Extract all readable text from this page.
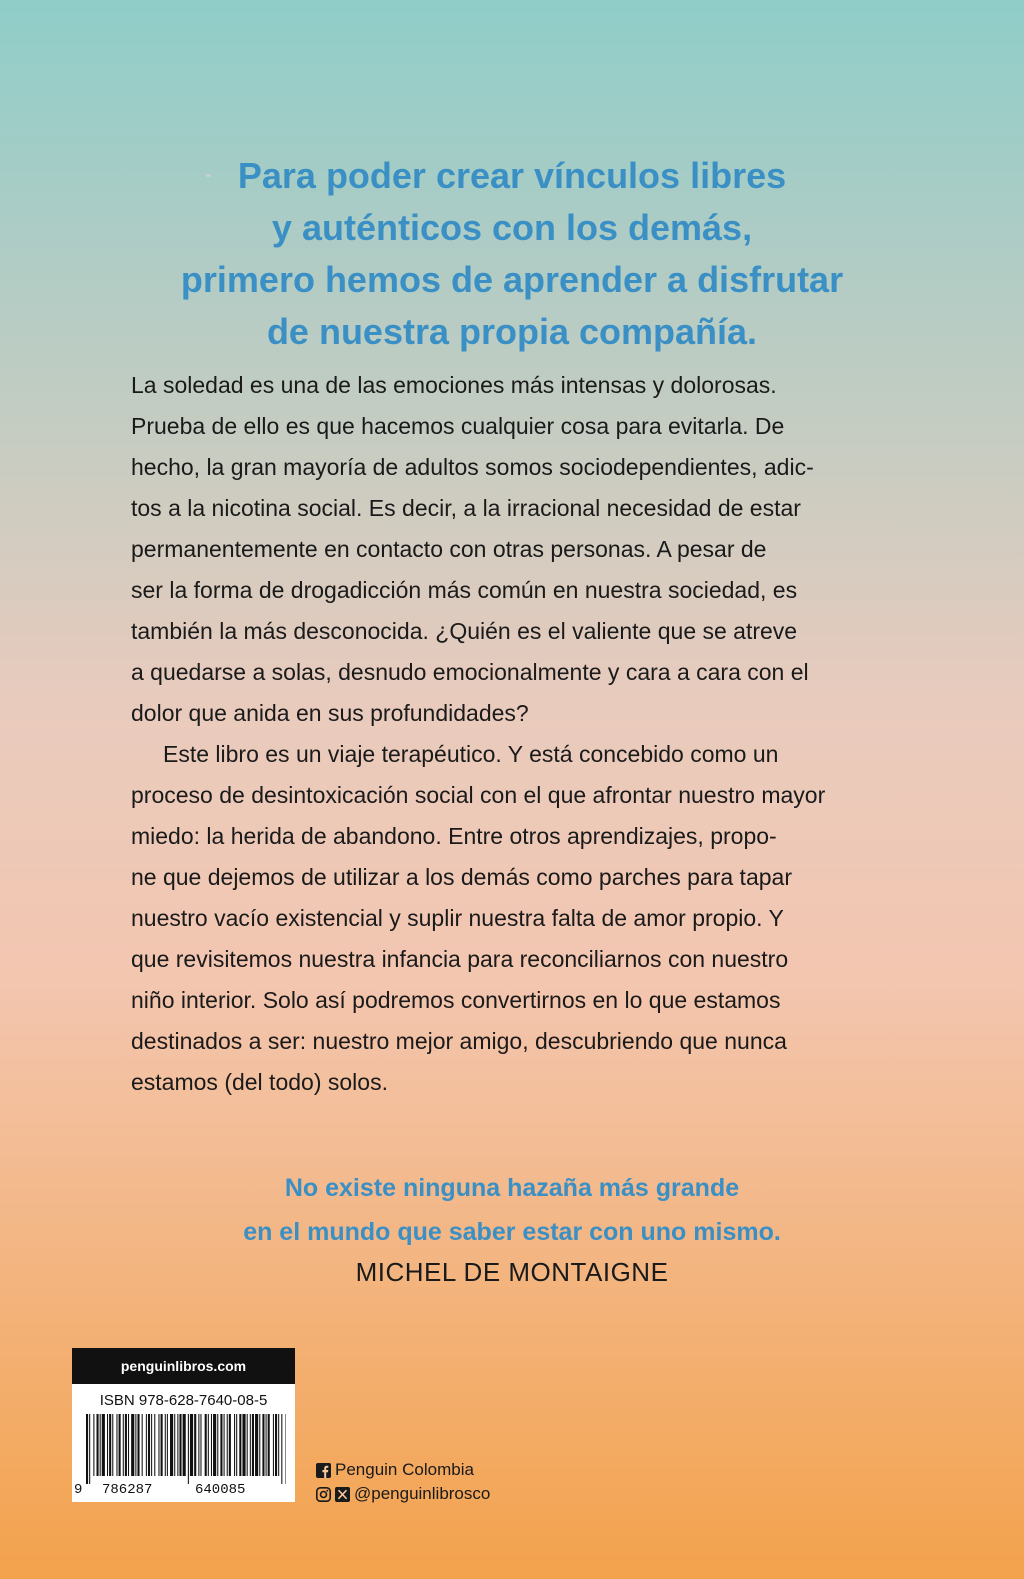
Para poder crear vínculos libres
y auténticos con los demás,
primero hemos de aprender a disfrutar
de nuestra propia compañía.

La soledad es una de las emociones más intensas y dolorosas.
Prueba de ello es que hacemos cualquier cosa para evitarla. De
hecho, la gran mayoría de adultos somos sociodependientes, adic-
tos a la nicotina social. Es decir, a la irracional necesidad de estar
permanentemente en contacto con otras personas. A pesar de
ser la forma de drogadicción más común en nuestra sociedad, es
también la más desconocida. ¿Quién es el valiente que se atreve
a quedarse a solas, desnudo emocionalmente y cara a cara con el
dolor que anida en sus profundidades?

Este libro es un viaje terapéutico. Y está concebido como un
proceso de desintoxicación social con el que afrontar nuestro mayor
miedo: la herida de abandono. Entre otros aprendizajes, propo-
ne que dejemos de utilizar a los demás como parches para tapar
nuestro vacío existencial y suplir nuestra falta de amor propio. Y
que revisitemos nuestra infancia para reconciliarnos con nuestro
niño interior. Solo así podremos convertirnos en lo que estamos
destinados a ser: nuestro mejor amigo, descubriendo que nunca
estamos (del todo) solos.

No existe ninguna hazaña más grande
en el mundo que saber estar con uno mismo.
MICHEL DE MONTAIGNE
penguinlibros.com
ISBN 978-628-7640-08-5
9 786287	640085
Penguin Colombia
@penguinlibrosco
